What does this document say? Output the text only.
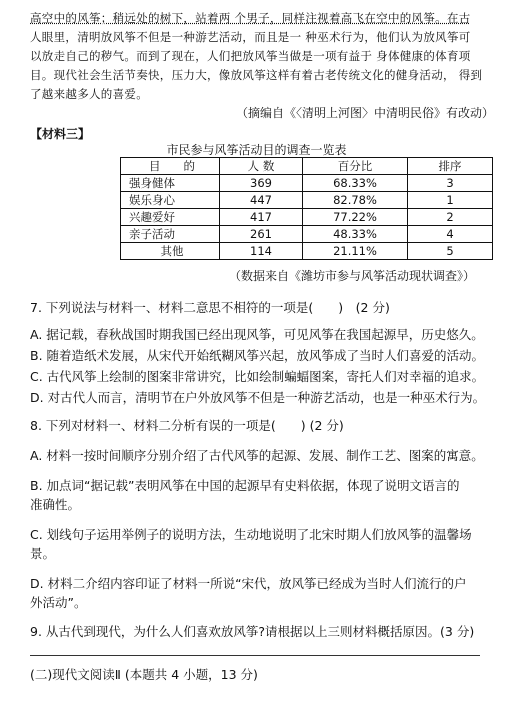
高空中的风筝；稍远处的树下，站着两 个男子，同样注视着高飞在空中的风筝。在古
人眼里，清明放风筝不但是一种游艺活动，而且是一 种巫术行为，他们认为放风筝可
以放走自己的秽气。而到了现在，人们把放风筝当做是一项有益于 身体健康的体育项
目。现代社会生活节奏快，压力大，像放风筝这样有着古老传统文化的健身活动， 得到
了越来越多人的喜爱。
（摘编自《〈清明上河图〉中清明民俗》有改动）
【材料三】
市民参与风筝活动目的调查一览表
目　　的	人 数	百分比	排序
强身健体	369	68.33%	3
娱乐身心	447	82.78%	1
兴趣爱好	417	77.22%	2
亲子活动	261	48.33%	4
其他	114	21.11%	5
（数据来自《潍坊市参与风筝活动现状调查》）
7. 下列说法与材料一、材料二意思不相符的一项是(　　)　(2 分)
A. 据记载，春秋战国时期我国已经出现风筝，可见风筝在我国起源早，历史悠久。
B. 随着造纸术发展，从宋代开始纸糊风筝兴起，放风筝成了当时人们喜爱的活动。
C. 古代风筝上绘制的图案非常讲究，比如绘制蝙蝠图案，寄托人们对幸福的追求。
D. 对古代人而言，清明节在户外放风筝不但是一种游艺活动，也是一种巫术行为。
8. 下列对材料一、材料二分析有误的一项是(　　) (2 分)
A. 材料一按时间顺序分别介绍了古代风筝的起源、发展、制作工艺、图案的寓意。
B. 加点词“据记载”表明风筝在中国的起源早有史料依据，体现了说明文语言的
准确性。
C. 划线句子运用举例子的说明方法，生动地说明了北宋时期人们放风筝的温馨场
景。
D. 材料二介绍内容印证了材料一所说“宋代，放风筝已经成为当时人们流行的户
外活动”。
9. 从古代到现代，为什么人们喜欢放风筝?请根据以上三则材料概括原因。(3 分)
(二)现代文阅读Ⅱ (本题共 4 小题，13 分)
